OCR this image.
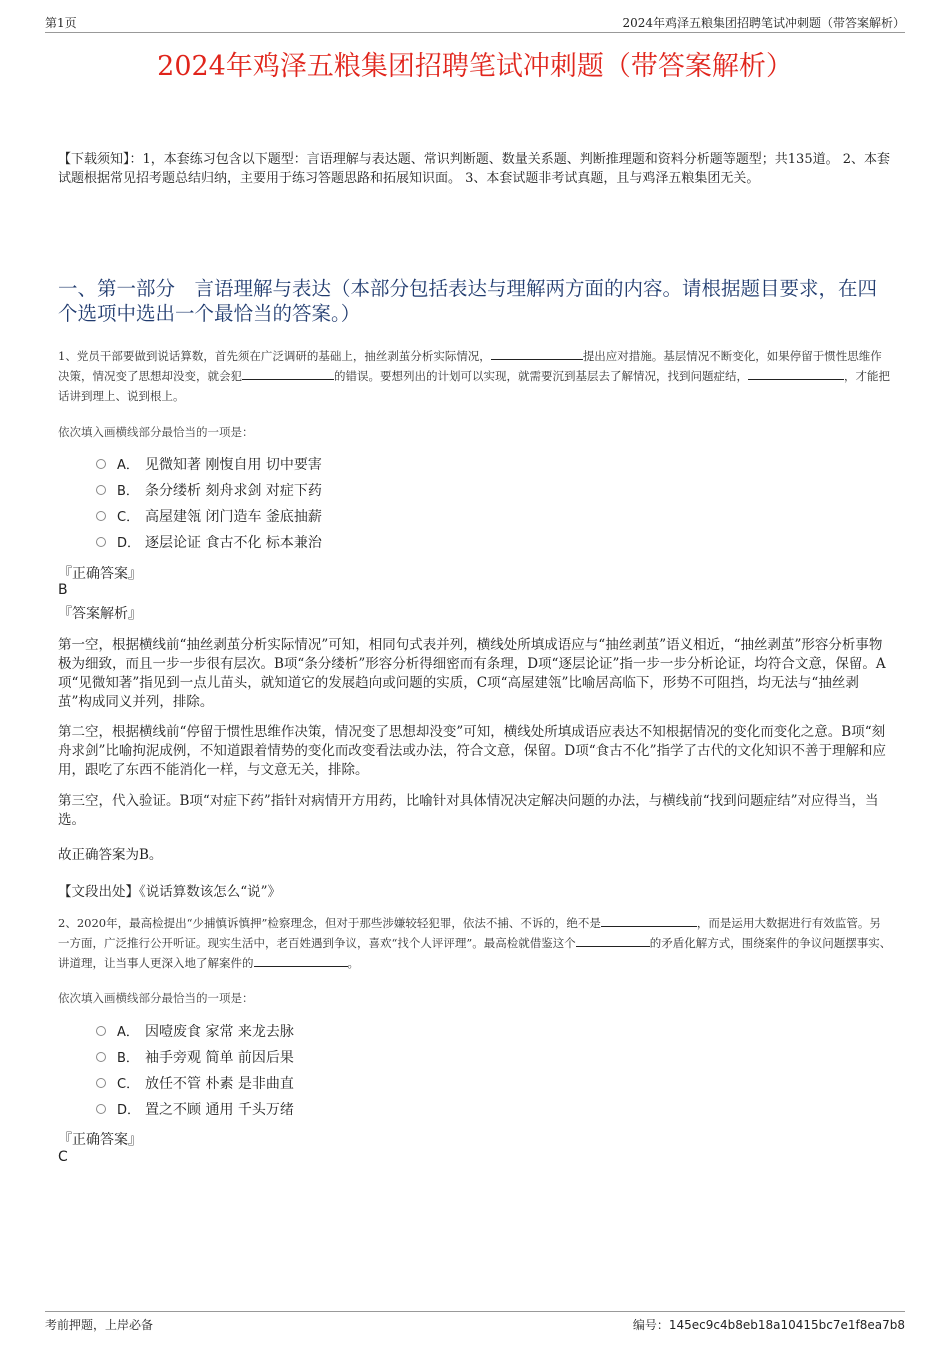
第1页	2024年鸡泽五粮集团招聘笔试冲刺题（带答案解析）
2024年鸡泽五粮集团招聘笔试冲刺题（带答案解析）
【下载须知】：1，本套练习包含以下题型：言语理解与表达题、常识判断题、数量关系题、判断推理题和资料分析题等题型；共135道。 2、本套试题根据常见招考题总结归纳，主要用于练习答题思路和拓展知识面。 3、本套试题非考试真题，且与鸡泽五粮集团无关。
一、第一部分　言语理解与表达（本部分包括表达与理解两方面的内容。请根据题目要求，在四个选项中选出一个最恰当的答案。）
1、党员干部要做到说话算数，首先须在广泛调研的基础上，抽丝剥茧分析实际情况，	提出应对措施。基层情况不断变化，如果停留于惯性思维作决策，情况变了思想却没变，就会犯	的错误。要想列出的计划可以实现，就需要沉到基层去了解情况，找到问题症结，	，才能把话讲到理上、说到根上。
依次填入画横线部分最恰当的一项是：
A． 见微知著 刚愎自用 切中要害
B． 条分缕析 刻舟求剑 对症下药
C． 高屋建瓴 闭门造车 釜底抽薪
D． 逐层论证 食古不化 标本兼治
『正确答案』
B
『答案解析』
第一空，根据横线前“抽丝剥茧分析实际情况”可知，相同句式表并列，横线处所填成语应与“抽丝剥茧”语义相近，“抽丝剥茧”形容分析事物极为细致，而且一步一步很有层次。B项“条分缕析”形容分析得细密而有条理，D项“逐层论证”指一步一步分析论证，均符合文意，保留。A项“见微知著”指见到一点儿苗头，就知道它的发展趋向或问题的实质，C项“高屋建瓴”比喻居高临下，形势不可阻挡，均无法与“抽丝剥茧”构成同义并列，排除。
第二空，根据横线前“停留于惯性思维作决策，情况变了思想却没变”可知，横线处所填成语应表达不知根据情况的变化而变化之意。B项“刻舟求剑”比喻拘泥成例，不知道跟着情势的变化而改变看法或办法，符合文意，保留。D项“食古不化”指学了古代的文化知识不善于理解和应用，跟吃了东西不能消化一样，与文意无关，排除。
第三空，代入验证。B项“对症下药”指针对病情开方用药，比喻针对具体情况决定解决问题的办法，与横线前“找到问题症结”对应得当，当选。
故正确答案为B。
【文段出处】《说话算数该怎么“说”》
2、2020年，最高检提出“少捕慎诉慎押”检察理念，但对于那些涉嫌较轻犯罪，依法不捕、不诉的，绝不是	，而是运用大数据进行有效监管。另一方面，广泛推行公开听证。现实生活中，老百姓遇到争议，喜欢“找个人评评理”。最高检就借鉴这个	的矛盾化解方式，围绕案件的争议问题摆事实、讲道理，让当事人更深入地了解案件的	。
依次填入画横线部分最恰当的一项是：
A． 因噎废食 家常 来龙去脉
B． 袖手旁观 简单 前因后果
C． 放任不管 朴素 是非曲直
D． 置之不顾 通用 千头万绪
『正确答案』
C
考前押题，上岸必备	编号：145ec9c4b8eb18a10415bc7e1f8ea7b8
